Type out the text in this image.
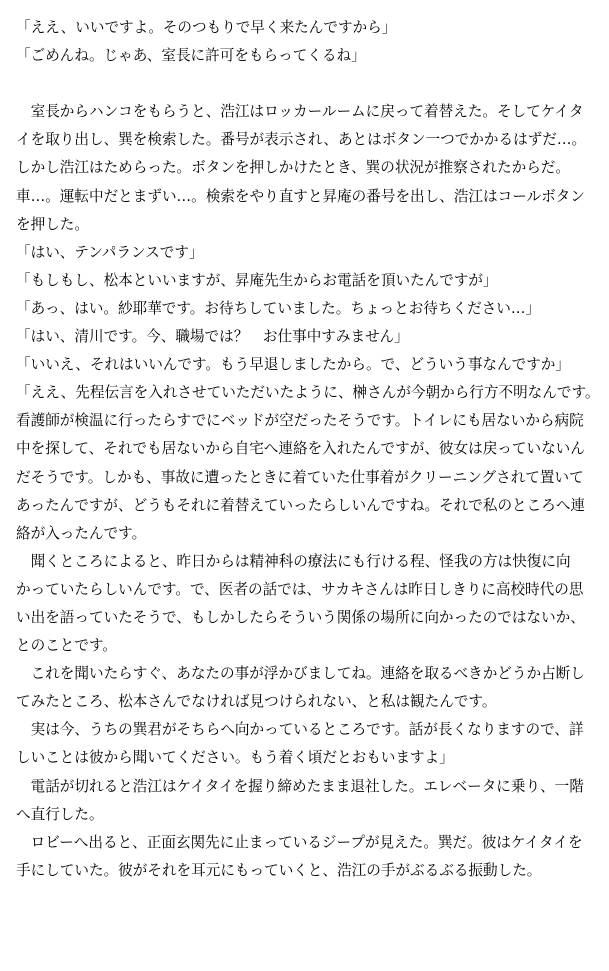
「ええ、いいですよ。そのつもりで早く来たんですから」
「ごめんね。じゃあ、室長に許可をもらってくるね」
　室長からハンコをもらうと、浩江はロッカールームに戻って着替えた。そしてケイタ
イを取り出し、巽を検索した。番号が表示され、あとはボタン一つでかかるはずだ…。
しかし浩江はためらった。ボタンを押しかけたとき、巽の状況が推察されたからだ。
車…。運転中だとまずい…。検索をやり直すと昇庵の番号を出し、浩江はコールボタン
を押した。
「はい、テンパランスです」
「もしもし、松本といいますが、昇庵先生からお電話を頂いたんですが」
「あっ、はい。紗耶華です。お待ちしていました。ちょっとお待ちください…」
「はい、清川です。今、職場では？　お仕事中すみません」
「いいえ、それはいいんです。もう早退しましたから。で、どういう事なんですか」
「ええ、先程伝言を入れさせていただいたように、榊さんが今朝から行方不明なんです。
看護師が検温に行ったらすでにベッドが空だったそうです。トイレにも居ないから病院
中を探して、それでも居ないから自宅へ連絡を入れたんですが、彼女は戻っていないん
だそうです。しかも、事故に遭ったときに着ていた仕事着がクリーニングされて置いて
あったんですが、どうもそれに着替えていったらしいんですね。それで私のところへ連
絡が入ったんです。
　聞くところによると、昨日からは精神科の療法にも行ける程、怪我の方は快復に向
かっていたらしいんです。で、医者の話では、サカキさんは昨日しきりに高校時代の思
い出を語っていたそうで、もしかしたらそういう関係の場所に向かったのではないか、
とのことです。
　これを聞いたらすぐ、あなたの事が浮かびましてね。連絡を取るべきかどうか占断し
てみたところ、松本さんでなければ見つけられない、と私は観たんです。
　実は今、うちの巽君がそちらへ向かっているところです。話が長くなりますので、詳
しいことは彼から聞いてください。もう着く頃だとおもいますよ」
　電話が切れると浩江はケイタイを握り締めたまま退社した。エレベータに乗り、一階
へ直行した。
　ロビーへ出ると、正面玄関先に止まっているジープが見えた。巽だ。彼はケイタイを
手にしていた。彼がそれを耳元にもっていくと、浩江の手がぶるぶる振動した。
